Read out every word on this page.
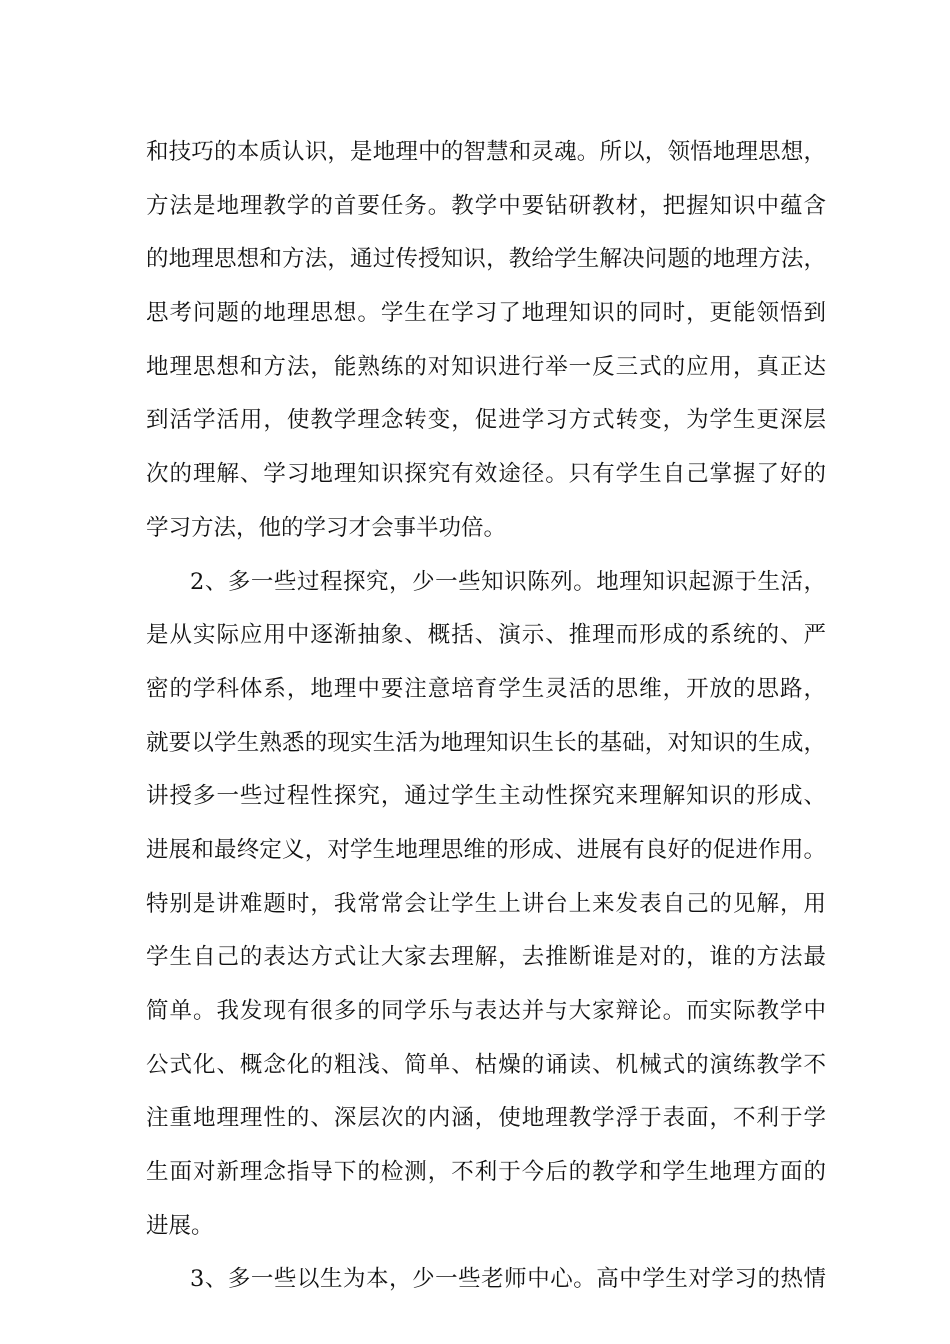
和技巧的本质认识，是地理中的智慧和灵魂。所以，领悟地理思想，
方法是地理教学的首要任务。教学中要钻研教材，把握知识中蕴含
的地理思想和方法，通过传授知识，教给学生解决问题的地理方法，
思考问题的地理思想。学生在学习了地理知识的同时，更能领悟到
地理思想和方法，能熟练的对知识进行举一反三式的应用，真正达
到活学活用，使教学理念转变，促进学习方式转变，为学生更深层
次的理解、学习地理知识探究有效途径。只有学生自己掌握了好的
学习方法，他的学习才会事半功倍。
2、多一些过程探究，少一些知识陈列。地理知识起源于生活，
是从实际应用中逐渐抽象、概括、演示、推理而形成的系统的、严
密的学科体系，地理中要注意培育学生灵活的思维，开放的思路，
就要以学生熟悉的现实生活为地理知识生长的基础，对知识的生成，
讲授多一些过程性探究，通过学生主动性探究来理解知识的形成、
进展和最终定义，对学生地理思维的形成、进展有良好的促进作用。
特别是讲难题时，我常常会让学生上讲台上来发表自己的见解，用
学生自己的表达方式让大家去理解，去推断谁是对的，谁的方法最
简单。我发现有很多的同学乐与表达并与大家辩论。而实际教学中
公式化、概念化的粗浅、简单、枯燥的诵读、机械式的演练教学不
注重地理理性的、深层次的内涵，使地理教学浮于表面，不利于学
生面对新理念指导下的检测，不利于今后的教学和学生地理方面的
进展。
3、多一些以生为本，少一些老师中心。高中学生对学习的热情
